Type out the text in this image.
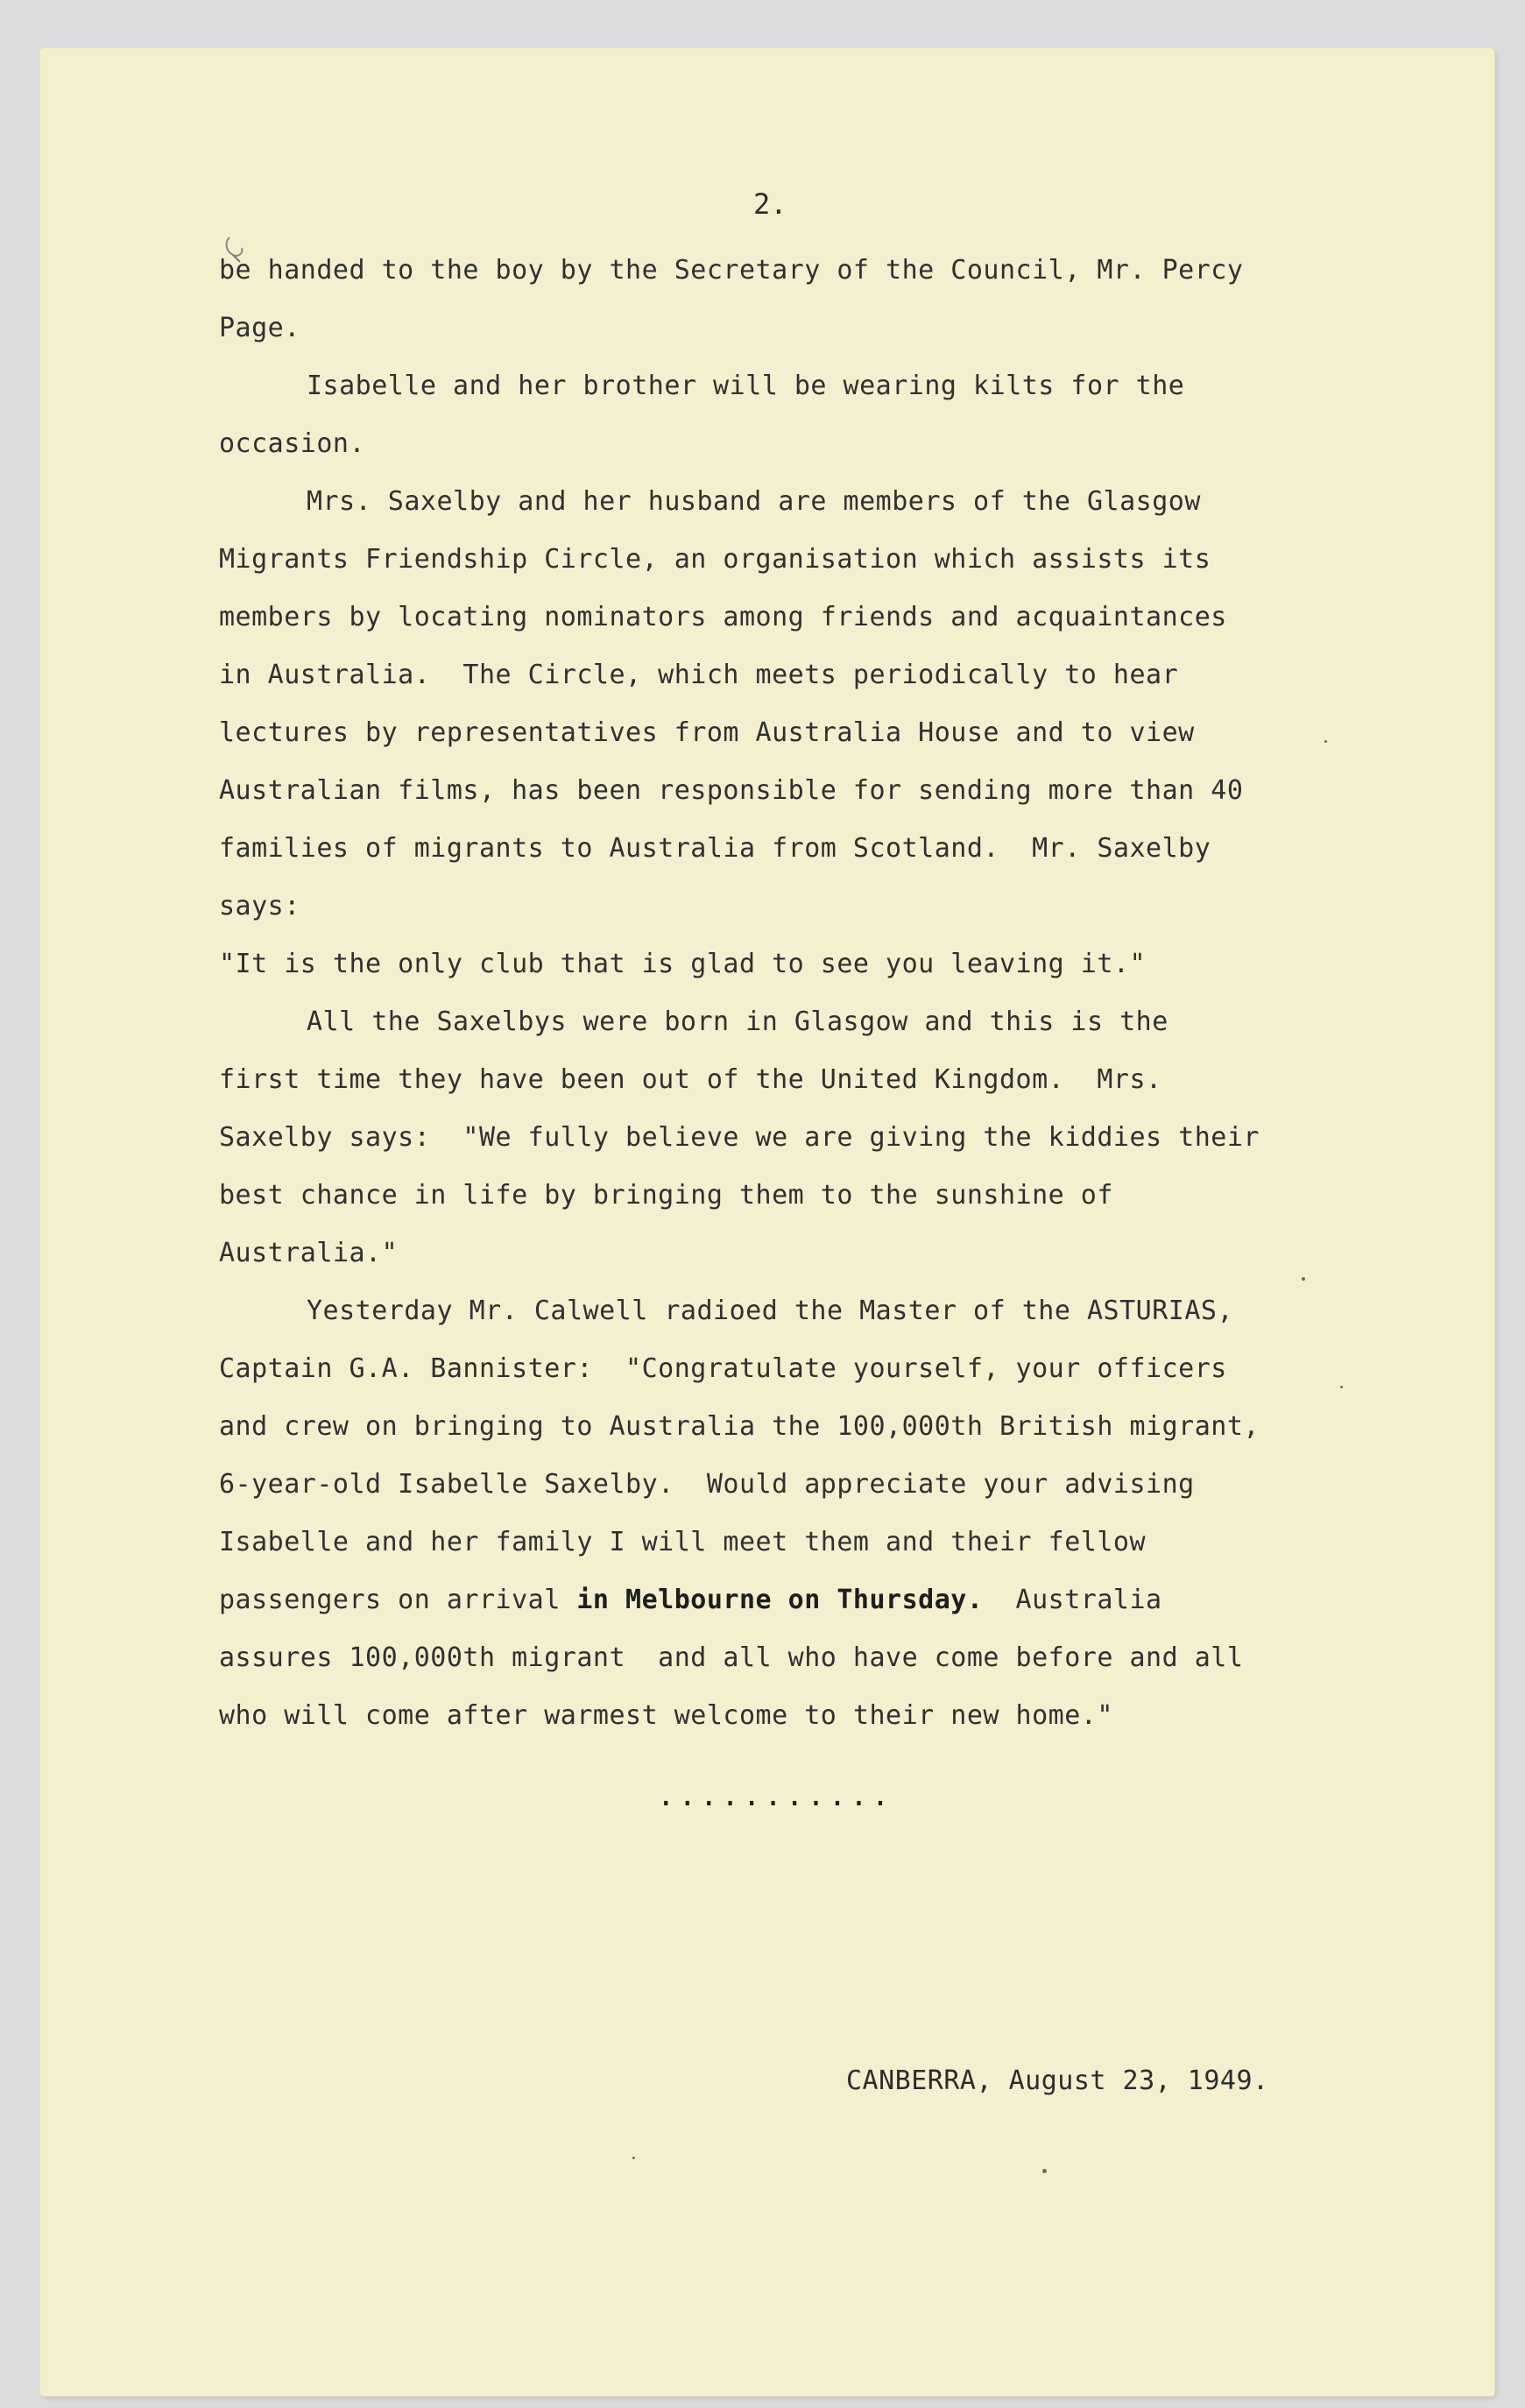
2.

be handed to the boy by the Secretary of the Council, Mr. Percy
Page.

Isabelle and her brother will be wearing kilts for the
occasion.

Mrs. Saxelby and her husband are members of the Glasgow
Migrants Friendship Circle, an organisation which assists its
members by locating nominators among friends and acquaintances
in Australia.  The Circle, which meets periodically to hear
lectures by representatives from Australia House and to view
Australian films, has been responsible for sending more than 40
families of migrants to Australia from Scotland.  Mr. Saxelby
says:

"It is the only club that is glad to see you leaving it."

All the Saxelbys were born in Glasgow and this is the
first time they have been out of the United Kingdom.  Mrs.
Saxelby says:  "We fully believe we are giving the kiddies their
best chance in life by bringing them to the sunshine of
Australia."

Yesterday Mr. Calwell radioed the Master of the ASTURIAS,
Captain G.A. Bannister:  "Congratulate yourself, your officers
and crew on bringing to Australia the 100,000th British migrant,
6-year-old Isabelle Saxelby.  Would appreciate your advising
Isabelle and her family I will meet them and their fellow
passengers on arrival in Melbourne on Thursday.  Australia
assures 100,000th migrant  and all who have come before and all
who will come after warmest welcome to their new home."

...........
CANBERRA, August 23, 1949.
